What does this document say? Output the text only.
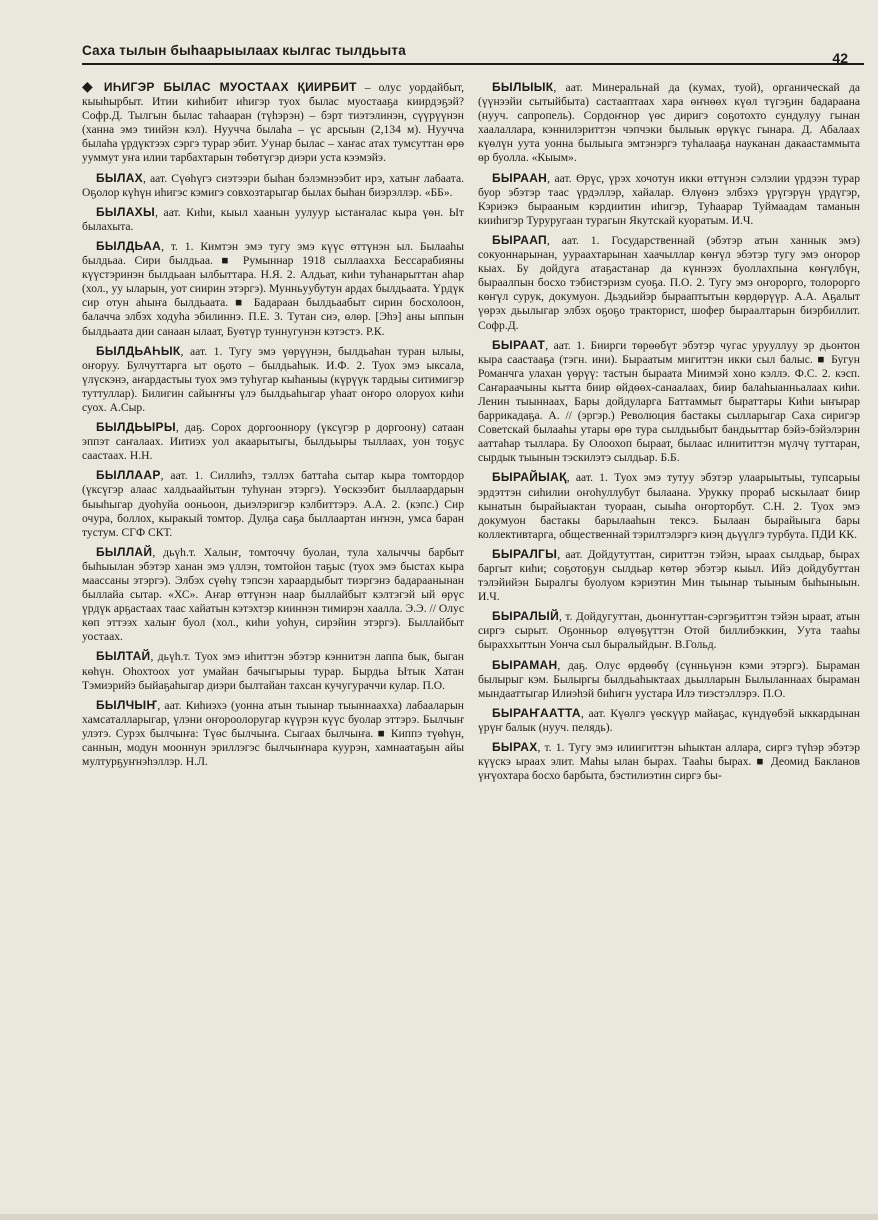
Саха тылын быһаарыылаах кылгас тылдьыта	42

◆ ИҺИГЭР БЫЛАС МУОСТААХ ҚИИРБИТ – олус уордайбыт, кыыһырбыт. Итии киһибит иһигэр туох былас муостааҕа киирдэҕэй? Софр.Д. Тылгын былас таһааран (түһэрэн) – бэрт тиэтэлинэн, сүүрүүнэн (ханна эмэ тиийэн кэл). Нуучча былаһа – үс арсыын (2,134 м). Нуучча былаһа үрдүктээх сэргэ турар эбит. Уунар былас – хаҥас атах тумсуттан өрө ууммут уҥа илии тарбахтарын төбөтүгэр диэри уста кээмэйэ.

БЫЛАХ, аат. Сүөһүгэ сиэтээри быһан бэлэмнээбит ирэ, хатыҥ лабаата. Оҕолор күһүн иһигэс кэмигэ совхозтарыгар былах быһан биэрэллэр. «ББ».

БЫЛАХЫ, аат. Киһи, кыыл хаанын уулуур ыстаҥалас кыра үөн. Ыт былахыта.

БЫЛДЬАА, т. 1. Кимтэн эмэ тугу эмэ күүс өттүнэн ыл. Былааһы былдьаа. Сири былдьаа. ■ Румыннар 1918 сыллаахха Бессарабияны күүстэринэн былдьаан ылбыттара. Н.Я. 2. Алдьат, киһи туһанарыттан аһар (хол., уу ыларын, уот сиирин этэргэ). Мунньуубутун ардах былдьаата. Үрдүк сир отун аһыҥа былдьаата. ■ Бадараан былдьаабыт сирин босхолоон, балачча элбэх ходуһа эбилиннэ. П.Е. 3. Тутан сиэ, өлөр. [Эһэ] аны ыппын былдьаата дии санаан ылаат, Буөтүр туннугунэн кэтэстэ. Р.К.

БЫЛДЬАҺЫК, аат. 1. Тугу эмэ үөрүүнэн, былдьаһан туран ылыы, оҥоруу. Булчуттарга ыт оҕото – былдьаһык. И.Ф. 2. Туох эмэ ыксала, үлүскэнэ, аҥардастыы туох эмэ туһугар кыһаныы (күрүүк тардыы ситимигэр туттуллар). Билигин сайыҥҥы үлэ былдьаһыгар уһаат оҥоро олоруох киһи суох. А.Сыр.

БЫЛДЬЫРЫ, даҕ. Сорох доргооннору (үксүгэр р доргоону) сатаан эппэт саҥалаах. Иитиэх уол акаарытыгы, былдьыры тыллаах, уон тоҕус саастаах. Н.Н.

БЫЛЛААР, аат. 1. Силлиһэ, тэллэх баттаһа сытар кыра томтордор (үксүгэр алаас халдьаайытын туһунан этэргэ). Үөскээбит быллаардарын быыһыгар дуоһуйа ооньоон, дьиэлэригэр кэлбиттэрэ. А.А. 2. (кэпс.) Сир очура, боллох, кыракый томтор. Дулҕа саҕа быллаартан иҥнэн, умса баран тустум. СГФ СКТ.

БЫЛЛАЙ, дьүһ.т. Халыҥ, томточчу буолан, тула халыччы барбыт быһыылан эбэтэр ханан эмэ үллэн, томтойон таҕыс (туох эмэ быстах кыра маассаны этэргэ). Элбэх сүөһү тэпсэн хараардыбыт тиэргэнэ бадараанынан быллайа сытар. «ХС». Аҥар өттүнэн наар быллайбыт кэлтэгэй ый өрүс үрдүк арҕастаах таас хайатын кэтэхтэр кииннэн тимирэн хааллa. Э.Э. // Олус көп эттээх халыҥ буол (хол., киһи уоһун, сирэйин этэргэ). Быллайбыт уостаах.

БЫЛТАЙ, дьүһ.т. Туох эмэ иһиттэн эбэтэр кэннитэн лаппа бык, быган көһүн. Оһохтоох уот умайан бачыгырыы турар. Бырдьа Ытык Хатан Тэмиэрийэ быйаҕаһыгар диэри былтайан тахсан кучугураччи кулар. П.О.

БЫЛЧЫҤ, аат. Киһиэхэ (уонна атын тыынар тыыннаахха) лабааларын хамсаталларыгар, үлэни оҥороолоругар күүрэн күүс буолар эттэрэ. Былчыҥ улэтэ. Сурэх былчыҥа: Түөс былчыҥа. Сыгаах былчыҥа. ■ Киппэ түөһүн, саннын, модун мооннун эриллэгэс былчыҥнара куурэн, хамнаатаҕын айы мултурҕуҥнэһэллэр. Н.Л.

БЫЛЫЫК, аат. Минеральнай да (кумах, туой), органическай да (үүнээйи сытыйбыта) састааптаах хара өҥнөөх күөл түгэҕин бадараана (нууч. сапропель). Сордоҥнор үөс диригэ соҕотохто сундулуу гынан хаалаллара, кэннилэриттэн чэпчэки былыык өрүкүс гынара. Д. Абалаах күөлүн уута уонна былыыга эмтэнэргэ туһалааҕа науканан дакаастаммыта өр буолла. «Кыым».

БЫРААН, аат. Өрүс, үрэх хочотун икки өттүнэн сэлэлии үрдээн турар буор эбэтэр таас үрдэллэр, хайалар. Өлүөнэ элбэхэ үрүгэрүн үрдүгэр, Кэриэкэ бырааным кэрдиитин иһигэр, Туһаарар Туймаадам таманын кииһигэр Туруругаан турагын Якутскай куоратым. И.Ч.

БЫРААП, аат. 1. Государственнай (эбэтэр атын ханнык эмэ) сокуоннарынан, уураахтарынан хаачыллар көҥүл эбэтэр тугу эмэ оҥорор кыах. Бу дойдуга атаҕастанар да күннээх буоллахпына көҥүлбүн, быраалпын босхо тэбистэризм суоҕа. П.О. 2. Тугу эмэ оҥорорго, толорорго көҥүл сурук, докумуон. Дьэдьийэр бырааптытын көрдөрүүр. А.А. Аҕалыт үөрэх дьылыгар элбэх оҕоҕо тракторист, шофер быраалтарын биэрбиллит. Софр.Д.

БЫРААТ, аат. 1. Биирги төрөөбүт эбэтэр чугас урууллуу эр дьонтон кыра саастааҕа (тэгн. ини). Быраатым мигиттэн икки сыл балыс. ■ Бугун Романчга улахан үөрүү: тастын быраата Миимэй хоно кэллэ. Ф.С. 2. кэсп. Саҥараачыны кытта биир өйдөөх-санаалаах, биир балаһыанньалаах киһи. Ленин тыыннаах, Бары дойдуларга Баттаммыт быраттары Киһи ыҥырар баррикадаҕа. А. // (эргэр.) Революция бастакы сылларыгар Саха сиригэр Советскай былааһы утары өрө тура сылдьыбыт бандьыттар бэйэ-бэйэлэрин ааттаһар тыллара. Бу Олоохоп быраат, былаас илиититтэн мүлчү туттаран, сырдык тыынын тэскилэтэ сылдьар. Б.Б.

БЫРАЙЫАҚ, аат. 1. Туох эмэ тутуу эбэтэр улаарыытыы, тупсарыы эрдэттэн сиһилии оҥоһуллубут былаана. Урукку прораб ыскылаат биир кынатын бырайыактан туораан, сыыһа оҥорторбут. С.Н. 2. Туох эмэ докумуон бастакы барылааһын тексэ. Былаан бырайыыга бары коллективтарга, общественнай тэрилтэлэргэ киэң дьүүлгэ турбута. ПДИ КК.

БЫРАЛГЫ, аат. Дойдутуттан, сириттэн тэйэн, ыраах сылдьар, бырах баргыт киһи; соҕотоҕун сылдьар көтөр эбэтэр кыыл. Ийэ дойдубуттан тэлэйийэн Бырaлгы буолуом кэриэтин Мин тыынар тыыным быһыныын. И.Ч.

БЫРАЛЫЙ, т. Дойдугуттан, дьонҥуттан-сэргэҕиттэн тэйэн ыраат, атын сиргэ сырыт. Оҕонньор өлүөҕүттэн Отой биллибэккин, Уута тааһы быраххыттын Уонча сыл быралыйдыҥ. В.Гольд.

БЫРАМАН, даҕ. Олус өрдөөбү (сүнньүнэн кэми этэргэ). Быраман былырыг кэм. Былыргы былдьаһыктаах дьылларын Былыланнаах быраман мындааттыгар Илиэһэй биһигн уустара Илэ тиэстэллэрэ. П.О.

БЫРАҤААТТА, аат. Күөлгэ үөскүүр майаҕас, күндүөбэй ыккардынан үрүҥ балык (нууч. пелядь).

БЫРАХ, т. 1. Тугу эмэ илиигиттэн ыһыктан аллара, сиргэ түһэр эбэтэр күүскэ ыраах элит. Маһы ылан бырах. Тааһы бырах. ■ Деомид Бакланов үҥүохтара босхо барбыта, бэстилиэтин сиргэ бы-
